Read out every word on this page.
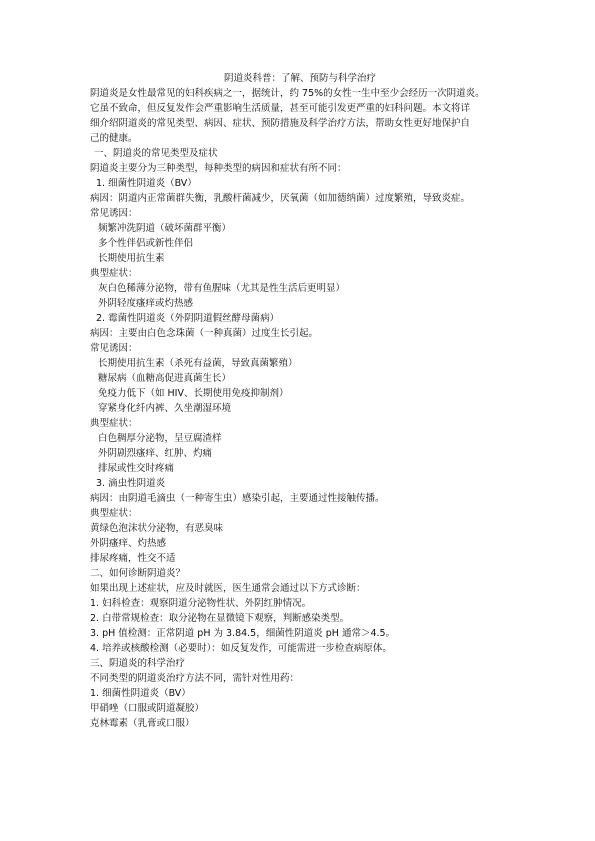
阴道炎科普：了解、预防与科学治疗
阴道炎是女性最常见的妇科疾病之一，据统计，约 75%的女性一生中至少会经历一次阴道炎。
它虽不致命，但反复发作会严重影响生活质量，甚至可能引发更严重的妇科问题。本文将详
细介绍阴道炎的常见类型、病因、症状、预防措施及科学治疗方法，帮助女性更好地保护自
己的健康。
一、阴道炎的常见类型及症状
阴道炎主要分为三种类型，每种类型的病因和症状有所不同：
1. 细菌性阴道炎（BV）
病因：阴道内正常菌群失衡，乳酸杆菌减少，厌氧菌（如加德纳菌）过度繁殖，导致炎症。
常见诱因：
频繁冲洗阴道（破坏菌群平衡）
多个性伴侣或新性伴侣
长期使用抗生素
典型症状：
灰白色稀薄分泌物，带有鱼腥味（尤其是性生活后更明显）
外阴轻度瘙痒或灼热感
2. 霉菌性阴道炎（外阴阴道假丝酵母菌病）
病因：主要由白色念珠菌（一种真菌）过度生长引起。
常见诱因：
长期使用抗生素（杀死有益菌，导致真菌繁殖）
糖尿病（血糖高促进真菌生长）
免疫力低下（如 HIV、长期使用免疫抑制剂）
穿紧身化纤内裤、久坐潮湿环境
典型症状：
白色稠厚分泌物，呈豆腐渣样
外阴剧烈瘙痒、红肿、灼痛
排尿或性交时疼痛
3. 滴虫性阴道炎
病因：由阴道毛滴虫（一种寄生虫）感染引起，主要通过性接触传播。
典型症状：
黄绿色泡沫状分泌物，有恶臭味
外阴瘙痒、灼热感
排尿疼痛，性交不适
二、如何诊断阴道炎？
如果出现上述症状，应及时就医，医生通常会通过以下方式诊断：
1. 妇科检查：观察阴道分泌物性状、外阴红肿情况。
2. 白带常规检查：取分泌物在显微镜下观察，判断感染类型。
3. pH 值检测：正常阴道 pH 为 3.84.5，细菌性阴道炎 pH 通常＞4.5。
4. 培养或核酸检测（必要时）：如反复发作，可能需进一步检查病原体。
三、阴道炎的科学治疗
不同类型的阴道炎治疗方法不同，需针对性用药：
1. 细菌性阴道炎（BV）
甲硝唑（口服或阴道凝胶）
克林霉素（乳膏或口服）
